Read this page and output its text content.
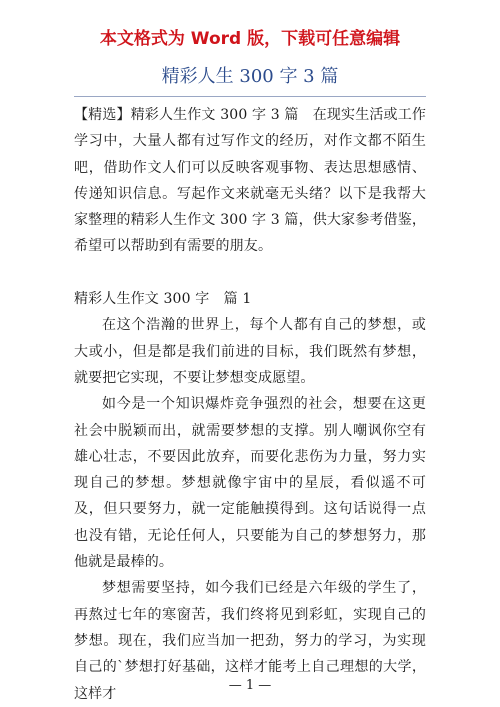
本文格式为 Word 版，下载可任意编辑
精彩人生 300 字 3 篇

【精选】精彩人生作文 300 字 3 篇　在现实生活或工作学习中，大量人都有过写作文的经历，对作文都不陌生吧，借助作文人们可以反映客观事物、表达思想感情、传递知识信息。写起作文来就毫无头绪？以下是我帮大家整理的精彩人生作文 300 字 3 篇，供大家参考借鉴，希望可以帮助到有需要的朋友。

精彩人生作文 300 字　篇 1

在这个浩瀚的世界上，每个人都有自己的梦想，或大或小，但是都是我们前进的目标，我们既然有梦想，就要把它实现，不要让梦想变成愿望。

如今是一个知识爆炸竞争强烈的社会，想要在这更社会中脱颖而出，就需要梦想的支撑。别人嘲讽你空有雄心壮志，不要因此放弃，而要化悲伤为力量，努力实现自己的梦想。梦想就像宇宙中的星辰，看似遥不可及，但只要努力，就一定能触摸得到。这句话说得一点也没有错，无论任何人，只要能为自己的梦想努力，那他就是最棒的。

梦想需要坚持，如今我们已经是六年级的学生了，再熬过七年的寒窗苦，我们终将见到彩虹，实现自己的梦想。现在，我们应当加一把劲，努力的学习，为实现自己的`梦想打好基础，这样才能考上自己理想的大学，这样才

— 1 —
